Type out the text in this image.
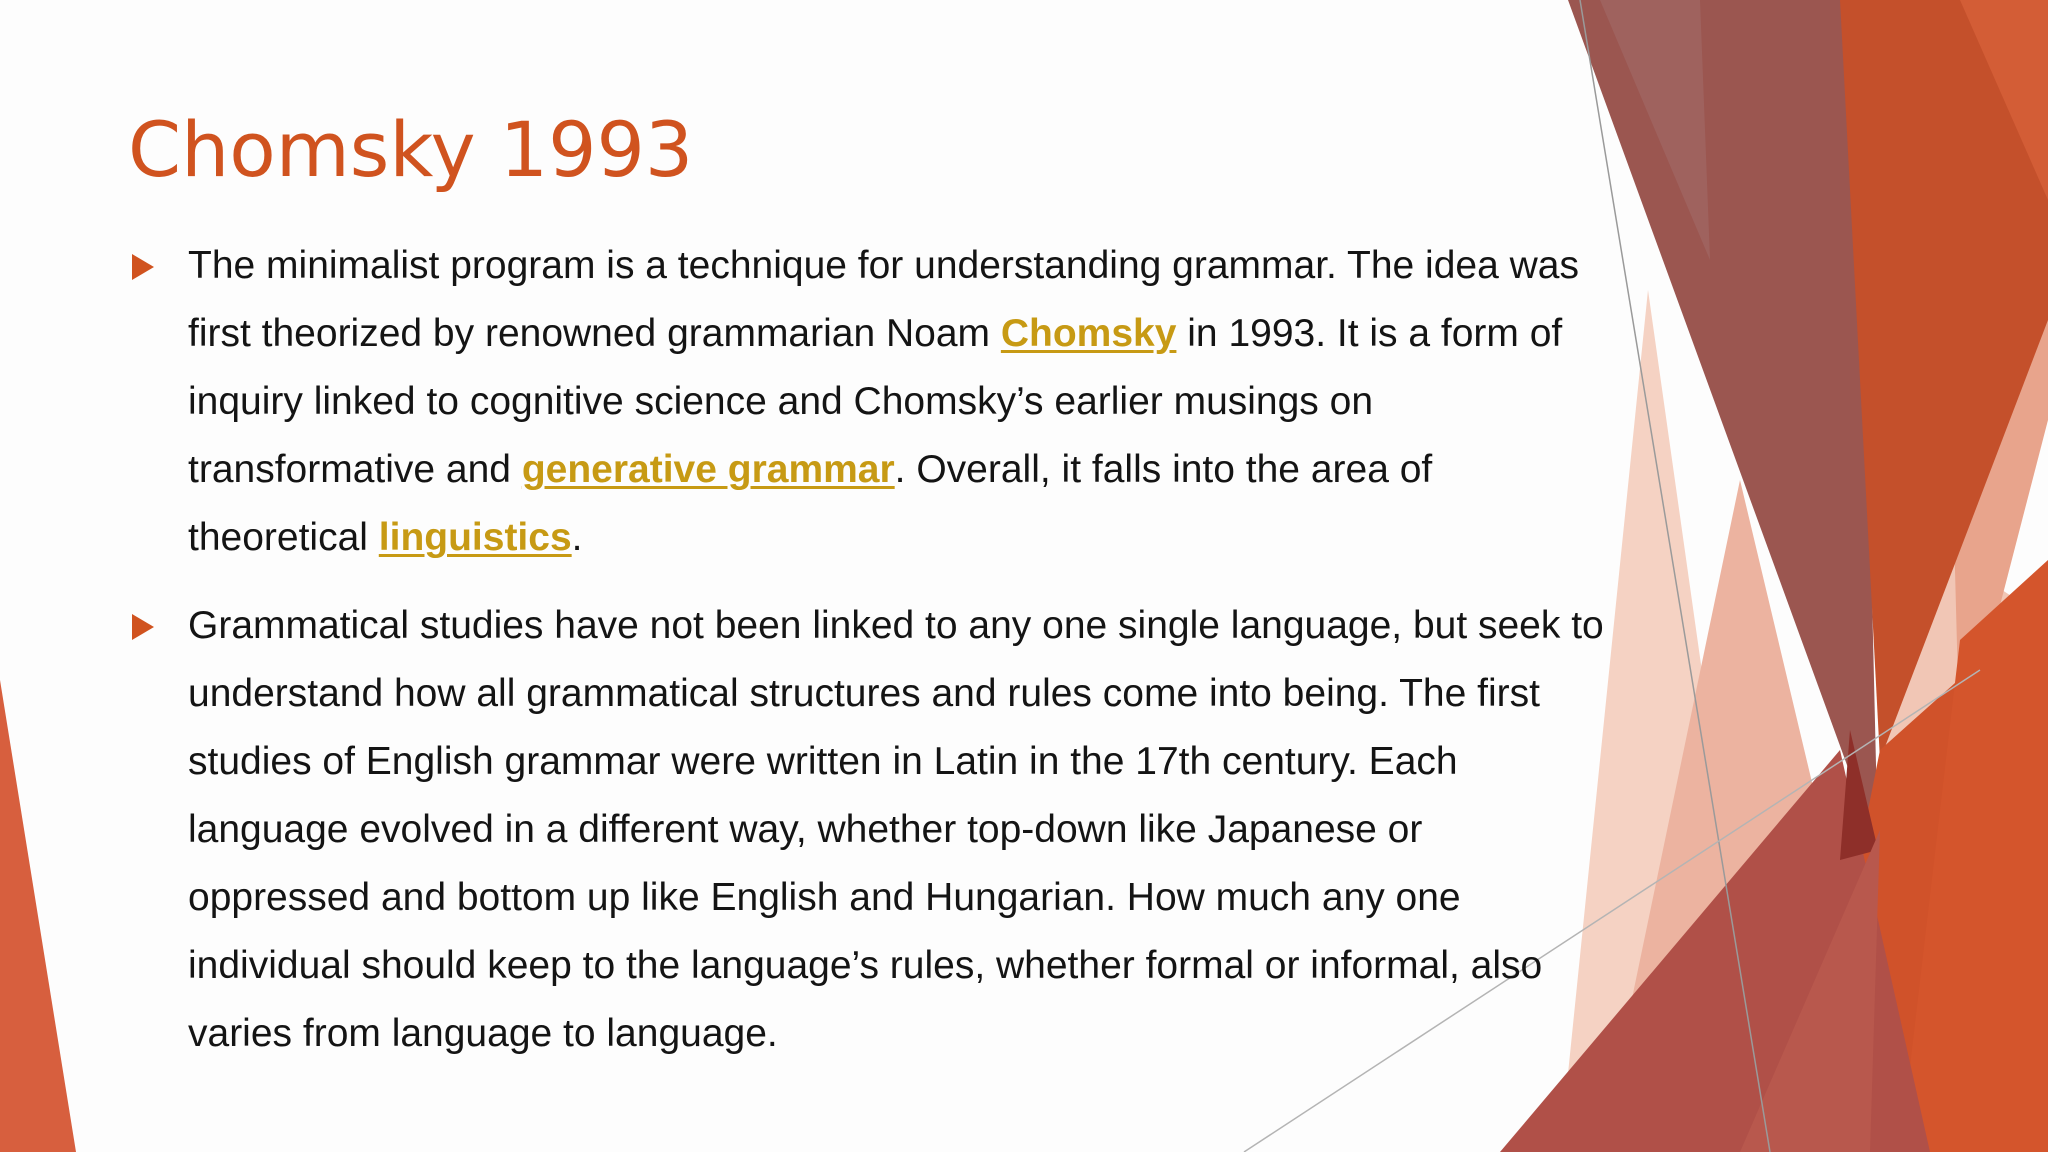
Chomsky 1993
The minimalist program is a technique for understanding grammar. The idea was
first theorized by renowned grammarian Noam Chomsky in 1993. It is a form of
inquiry linked to cognitive science and Chomsky’s earlier musings on
transformative and generative grammar. Overall, it falls into the area of
theoretical linguistics.
Grammatical studies have not been linked to any one single language, but seek to
understand how all grammatical structures and rules come into being. The first
studies of English grammar were written in Latin in the 17th century. Each
language evolved in a different way, whether top-down like Japanese or
oppressed and bottom up like English and Hungarian. How much any one
individual should keep to the language’s rules, whether formal or informal, also
varies from language to language.
